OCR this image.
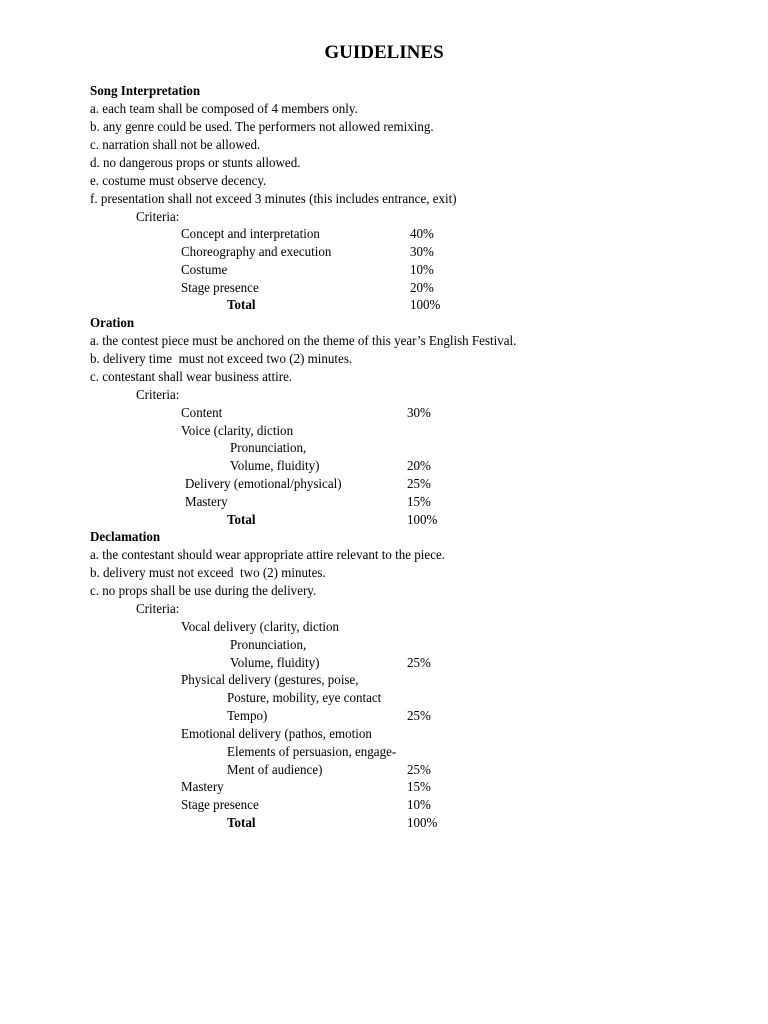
GUIDELINES
Song Interpretation
a. each team shall be composed of 4 members only.
b. any genre could be used. The performers not allowed remixing.
c. narration shall not be allowed.
d. no dangerous props or stunts allowed.
e. costume must observe decency.
f. presentation shall not exceed 3 minutes (this includes entrance, exit)
Criteria:
Concept and interpretation	40%
Choreography and execution	30%
Costume	10%
Stage presence	20%
Total	100%
Oration
a. the contest piece must be anchored on the theme of this year’s English Festival.
b. delivery time  must not exceed two (2) minutes.
c. contestant shall wear business attire.
Criteria:
Content	30%
Voice (clarity, diction
Pronunciation,
Volume, fluidity)	20%
Delivery (emotional/physical)	25%
Mastery	15%
Total	100%
Declamation
a. the contestant should wear appropriate attire relevant to the piece.
b. delivery must not exceed  two (2) minutes.
c. no props shall be use during the delivery.
Criteria:
Vocal delivery (clarity, diction
Pronunciation,
Volume, fluidity)	25%
Physical delivery (gestures, poise,
Posture, mobility, eye contact
Tempo)	25%
Emotional delivery (pathos, emotion
Elements of persuasion, engage-
Ment of audience)	25%
Mastery	15%
Stage presence	10%
Total	100%
